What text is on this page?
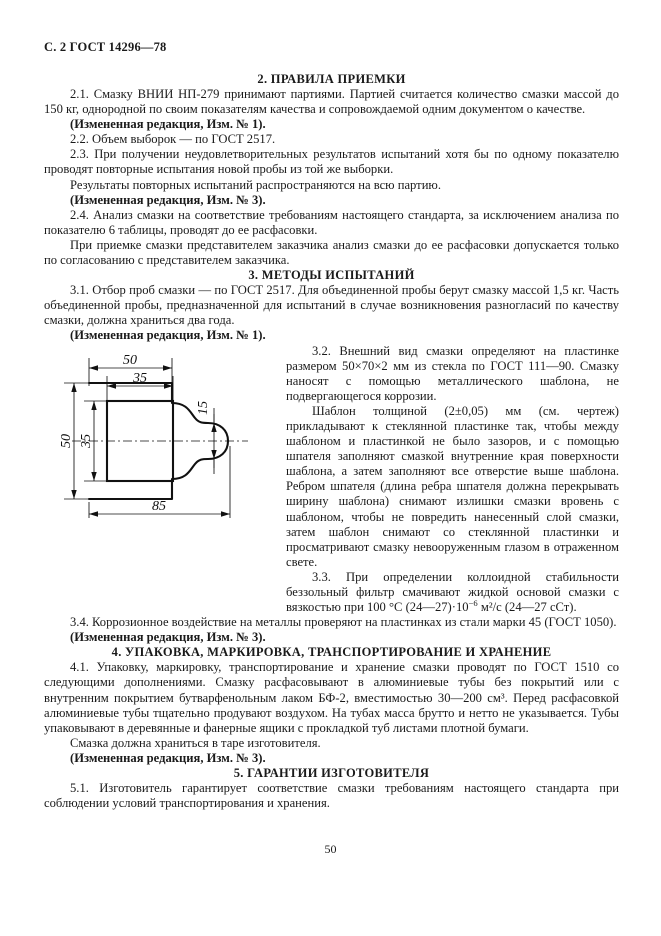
С. 2 ГОСТ 14296—78
2. ПРАВИЛА ПРИЕМКИ

2.1. Смазку ВНИИ НП-279 принимают партиями. Партией считается количество смазки массой до 150 кг, однородной по своим показателям качества и сопровождаемой одним документом о качестве.

(Измененная редакция, Изм. № 1).

2.2. Объем выборок — по ГОСТ 2517.

2.3. При получении неудовлетворительных результатов испытаний хотя бы по одному показателю проводят повторные испытания новой пробы из той же выборки.

Результаты повторных испытаний распространяются на всю партию.

(Измененная редакция, Изм. № 3).

2.4. Анализ смазки на соответствие требованиям настоящего стандарта, за исключением анализа по показателю 6 таблицы, проводят до ее расфасовки.

При приемке смазки представителем заказчика анализ смазки до ее расфасовки допускается только по согласованию с представителем заказчика.

3. МЕТОДЫ ИСПЫТАНИЙ

3.1. Отбор проб смазки — по ГОСТ 2517. Для объединенной пробы берут смазку массой 1,5 кг. Часть объединенной пробы, предназначенной для испытаний в случае возникновения разногласий по качеству смазки, должна храниться два года.

(Измененная редакция, Изм. № 1).

50
35
50 35
15
85

3.2. Внешний вид смазки определяют на пластинке размером 50×70×2 мм из стекла по ГОСТ 111—90. Смазку наносят с помощью металлического шаблона, не подвергающегося коррозии.

Шаблон толщиной (2±0,05) мм (см. чертеж) прикладывают к стеклянной пластинке так, чтобы между шаблоном и пластинкой не было зазоров, и с помощью шпателя заполняют смазкой внутренние края поверхности шаблона, а затем заполняют все отверстие выше шаблона. Ребром шпателя (длина ребра шпателя должна перекрывать ширину шаблона) снимают излишки смазки вровень с шаблоном, чтобы не повредить нанесенный слой смазки, затем шаблон снимают со стеклянной пластинки и просматривают смазку невооруженным глазом в отраженном свете.

3.3. При определении коллоидной стабильности беззольный фильтр смачивают жидкой основой смазки с вязкостью при 100 °С $(24—27)\cdot 10^{-6}$ м²/с (24—27 сСт).

3.4. Коррозионное воздействие на металлы проверяют на пластинках из стали марки 45 (ГОСТ 1050).

(Измененная редакция, Изм. № 3).

4. УПАКОВКА, МАРКИРОВКА, ТРАНСПОРТИРОВАНИЕ И ХРАНЕНИЕ

4.1. Упаковку, маркировку, транспортирование и хранение смазки проводят по ГОСТ 1510 со следующими дополнениями. Смазку расфасовывают в алюминиевые тубы без покрытий или с внутренним покрытием бутварфенольным лаком БФ-2, вместимостью 30—200 см³. Перед расфасовкой алюминиевые тубы тщательно продувают воздухом. На тубах масса брутто и нетто не указывается. Тубы упаковывают в деревянные и фанерные ящики с прокладкой туб листами плотной бумаги.

Смазка должна храниться в таре изготовителя.

(Измененная редакция, Изм. № 3).

5. ГАРАНТИИ ИЗГОТОВИТЕЛЯ

5.1. Изготовитель гарантирует соответствие смазки требованиям настоящего стандарта при соблюдении условий транспортирования и хранения.

50
